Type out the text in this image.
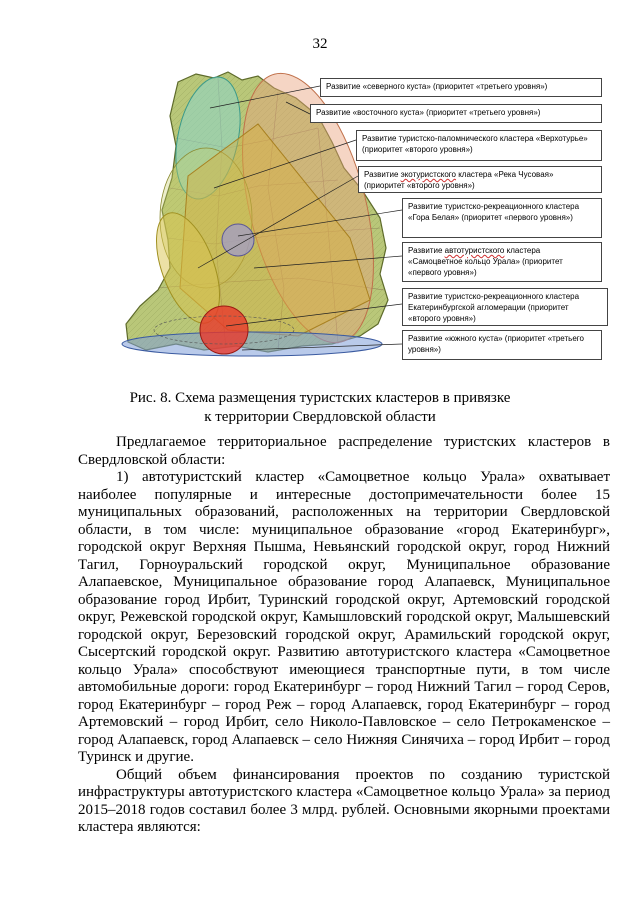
32
Развитие «северного куста» (приоритет «третьего уровня»)
Развитие «восточного куста» (приоритет «третьего уровня»)
Развитие туристско-паломнического кластера «Верхотурье» (приоритет «второго уровня»)
Развитие экотуристского кластера «Река Чусовая» (приоритет «второго уровня»)
Развитие туристско-рекреационного кластера «Гора Белая» (приоритет «первого уровня»)
Развитие автотуристского кластера «Самоцветное кольцо Урала» (приоритет «первого уровня»)
Развитие туристско-рекреационного кластера Екатеринбургской агломерации (приоритет «второго уровня»)
Развитие «южного куста» (приоритет «третьего уровня»)
Рис. 8. Схема размещения туристских кластеров в привязке
к территории Свердловской области

Предлагаемое территориальное распределение туристских кластеров в Свердловской области:

1) автотуристский кластер «Самоцветное кольцо Урала» охватывает наиболее популярные и интересные достопримечательности более 15 муниципальных образований, расположенных на территории Свердловской области, в том числе: муниципальное образование «город Екатеринбург», городской округ Верхняя Пышма, Невьянский городской округ, город Нижний Тагил, Горноуральский городской округ, Муниципальное образование Алапаевское, Муниципальное образование город Алапаевск, Муниципальное образование город Ирбит, Туринский городской округ, Артемовский городской округ, Режевской городской округ, Камышловский городской округ, Малышевский городской округ, Березовский городской округ, Арамильский городской округ, Сысертский городской округ. Развитию автотуристского кластера «Самоцветное кольцо Урала» способствуют имеющиеся транспортные пути, в том числе автомобильные дороги: город Екатеринбург – город Нижний Тагил – город Серов, город Екатеринбург – город Реж – город Алапаевск, город Екатеринбург – город Артемовский – город Ирбит, село Николо-Павловское – село Петрокаменское – город Алапаевск, город Алапаевск – село Нижняя Синячиха – город Ирбит – город Туринск и другие.

Общий объем финансирования проектов по созданию туристской инфраструктуры автотуристского кластера «Самоцветное кольцо Урала» за период 2015–2018 годов составил более 3 млрд. рублей. Основными якорными проектами кластера являются:
